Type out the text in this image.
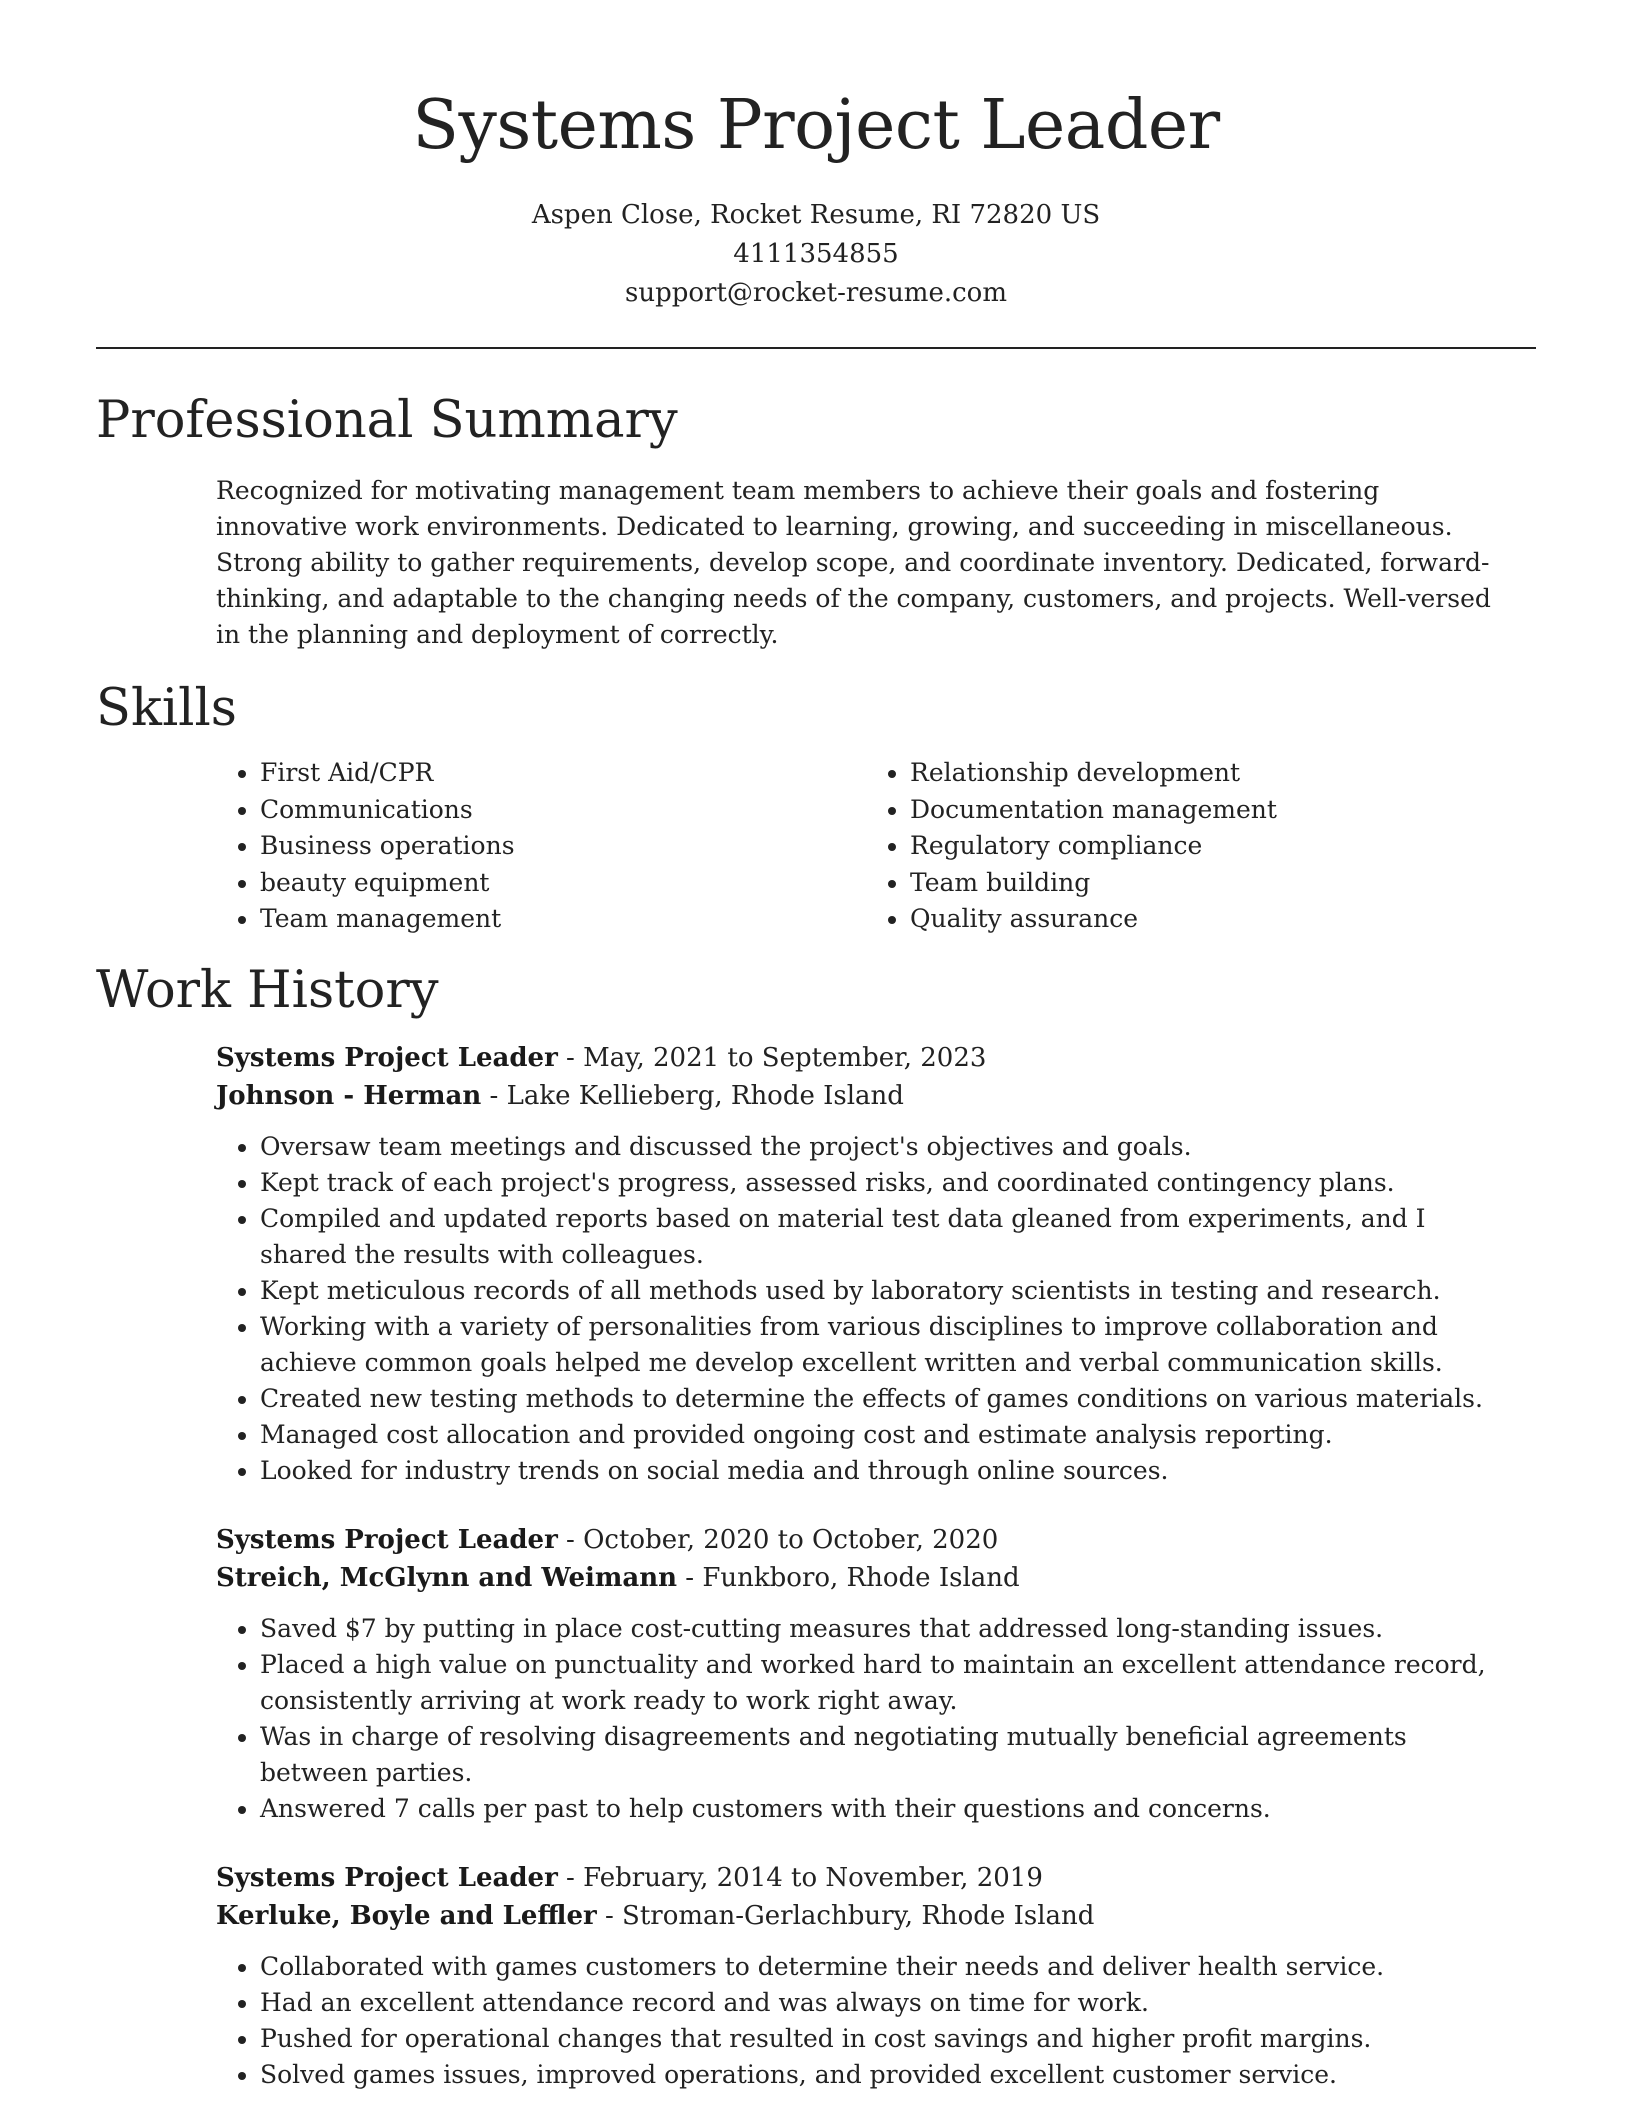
Systems Project Leader

Aspen Close, Rocket Resume, RI 72820 US

4111354855

support@rocket-resume.com

Professional Summary
Recognized for motivating management team members to achieve their goals and fostering innovative work environments. Dedicated to learning, growing, and succeeding in miscellaneous. Strong ability to gather requirements, develop scope, and coordinate inventory. Dedicated, forward-thinking, and adaptable to the changing needs of the company, customers, and projects. Well-versed in the planning and deployment of correctly.
Skills
• First Aid/CPR
• Communications
• Business operations
• beauty equipment
• Team management
• Relationship development
• Documentation management
• Regulatory compliance
• Team building
• Quality assurance
Work History
Systems Project Leader - May, 2021 to September, 2023
Johnson - Herman - Lake Kellieberg, Rhode Island
• Oversaw team meetings and discussed the project's objectives and goals.
• Kept track of each project's progress, assessed risks, and coordinated contingency plans.
• Compiled and updated reports based on material test data gleaned from experiments, and I shared the results with colleagues.
• Kept meticulous records of all methods used by laboratory scientists in testing and research.
• Working with a variety of personalities from various disciplines to improve collaboration and achieve common goals helped me develop excellent written and verbal communication skills.
• Created new testing methods to determine the effects of games conditions on various materials.
• Managed cost allocation and provided ongoing cost and estimate analysis reporting.
• Looked for industry trends on social media and through online sources.
Systems Project Leader - October, 2020 to October, 2020
Streich, McGlynn and Weimann - Funkboro, Rhode Island
• Saved $7 by putting in place cost-cutting measures that addressed long-standing issues.
• Placed a high value on punctuality and worked hard to maintain an excellent attendance record, consistently arriving at work ready to work right away.
• Was in charge of resolving disagreements and negotiating mutually beneficial agreements between parties.
• Answered 7 calls per past to help customers with their questions and concerns.
Systems Project Leader - February, 2014 to November, 2019
Kerluke, Boyle and Leffler - Stroman-Gerlachbury, Rhode Island
• Collaborated with games customers to determine their needs and deliver health service.
• Had an excellent attendance record and was always on time for work.
• Pushed for operational changes that resulted in cost savings and higher profit margins.
• Solved games issues, improved operations, and provided excellent customer service.
